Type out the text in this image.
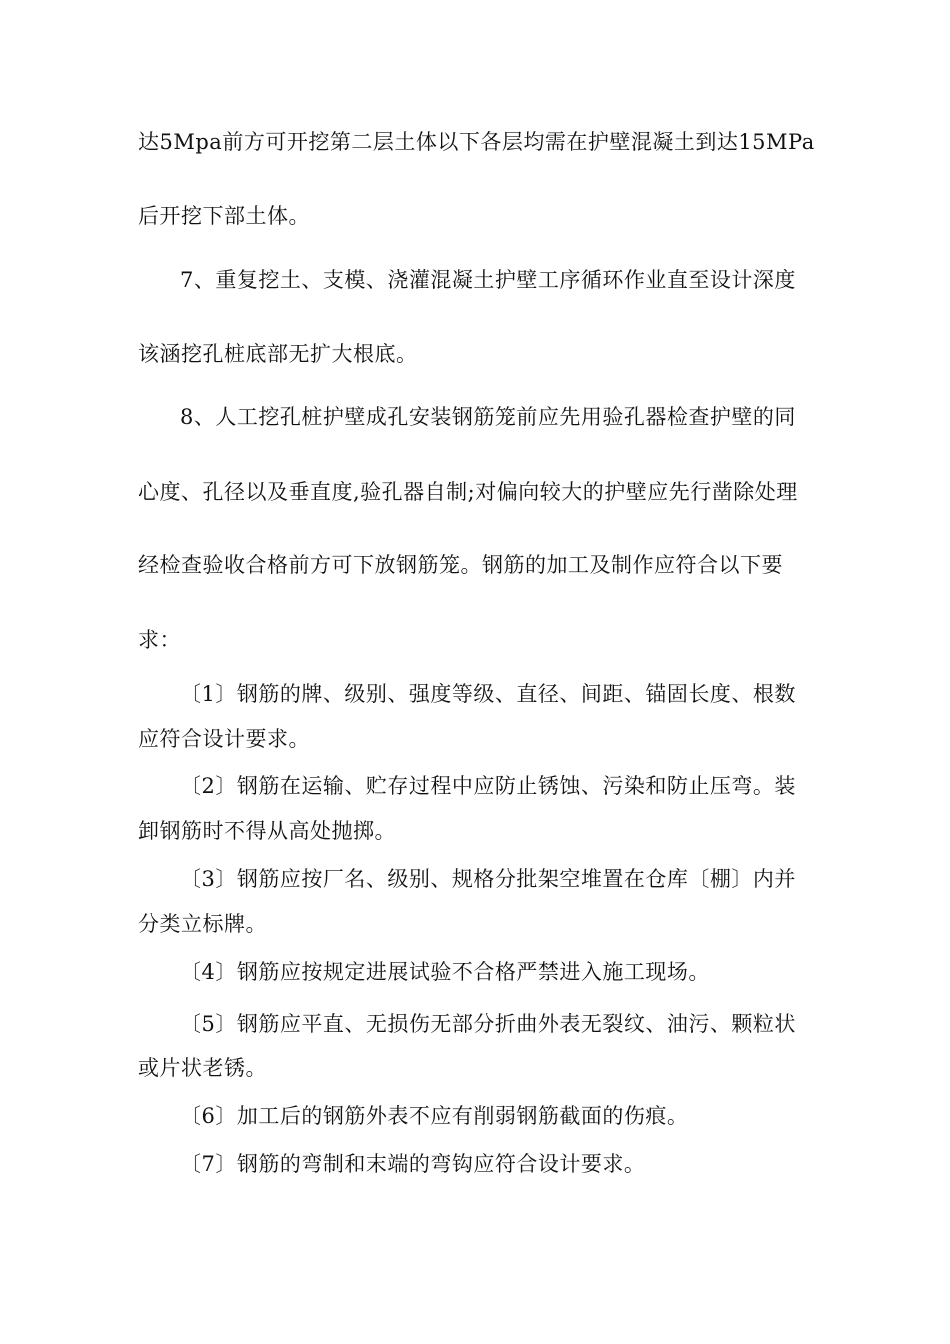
达5Mpa前方可开挖第二层土体以下各层均需在护壁混凝土到达15MPa
后开挖下部土体。
7、重复挖土、支模、浇灌混凝土护壁工序循环作业直至设计深度
该涵挖孔桩底部无扩大根底。
8、人工挖孔桩护壁成孔安装钢筋笼前应先用验孔器检查护壁的同
心度、孔径以及垂直度,验孔器自制;对偏向较大的护壁应先行凿除处理
经检查验收合格前方可下放钢筋笼。钢筋的加工及制作应符合以下要
求：
〔1〕钢筋的牌、级别、强度等级、直径、间距、锚固长度、根数
应符合设计要求。
〔2〕钢筋在运输、贮存过程中应防止锈蚀、污染和防止压弯。装
卸钢筋时不得从高处抛掷。
〔3〕钢筋应按厂名、级别、规格分批架空堆置在仓库〔棚〕内并
分类立标牌。
〔4〕钢筋应按规定进展试验不合格严禁进入施工现场。
〔5〕钢筋应平直、无损伤无部分折曲外表无裂纹、油污、颗粒状
或片状老锈。
〔6〕加工后的钢筋外表不应有削弱钢筋截面的伤痕。
〔7〕钢筋的弯制和末端的弯钩应符合设计要求。
